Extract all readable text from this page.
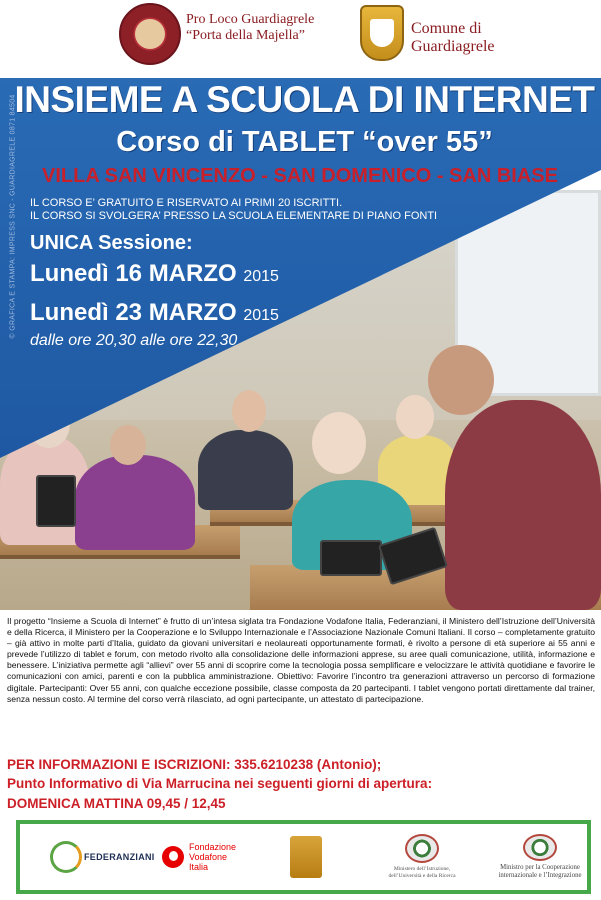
Pro Loco Guardiagrele
“Porta della Majella”	Comune di
Guardiagrele
© GRAFICA E STAMPA: IMPRESS SNC - GUARDIAGRELE 0871 84504
INSIEME A SCUOLA DI INTERNET
Corso di TABLET “over 55”
VILLA SAN VINCENZO - SAN DOMENICO - SAN BIASE
IL CORSO E’ GRATUITO E RISERVATO AI PRIMI 20 ISCRITTI.
IL CORSO SI SVOLGERA’ PRESSO LA SCUOLA ELEMENTARE DI PIANO FONTI
UNICA Sessione:
Lunedì 16 MARZO 2015
Lunedì 23 MARZO 2015
dalle ore 20,30 alle ore 22,30
Il progetto “Insieme a Scuola di Internet” è frutto di un’intesa siglata tra Fondazione Vodafone Italia, Federanziani, il Ministero dell’Istruzione dell’Università e della Ricerca, il Ministero per la Cooperazione e lo Sviluppo Internazionale e l’Associazione Nazionale Comuni Italiani. Il corso – completamente gratuito – già attivo in molte parti d’Italia, guidato da giovani universitari e neolaureati opportunamente formati, è rivolto a persone di età superiore ai 55 anni e prevede l’utilizzo di tablet e forum, con metodo rivolto alla consolidazione delle informazioni apprese, su aree quali comunicazione, utilità, informazione e benessere. L’iniziativa permette agli “allievi” over 55 anni di scoprire come la tecnologia possa semplificare e velocizzare le attività quotidiane e favorire le comunicazioni con amici, parenti e con la pubblica amministrazione. Obiettivo: Favorire l’incontro tra generazioni attraverso un percorso di formazione digitale. Partecipanti: Over 55 anni, con qualche eccezione possibile, classe composta da 20 partecipanti. I tablet vengono portati direttamente dal trainer, senza nessun costo. Al termine del corso verrà rilasciato, ad ogni partecipante, un attestato di partecipazione.
PER INFORMAZIONI E ISCRIZIONI: 335.6210238 (Antonio);
Punto Informativo di Via Marrucina nei seguenti giorni di apertura:
DOMENICA MATTINA 09,45 / 12,45
FEDERANZIANI
Fondazione
Vodafone
Italia	Ministero dell’Istruzione, dell’Università e della Ricerca
Ministro per la Cooperazione
internazionale e l’Integrazione
